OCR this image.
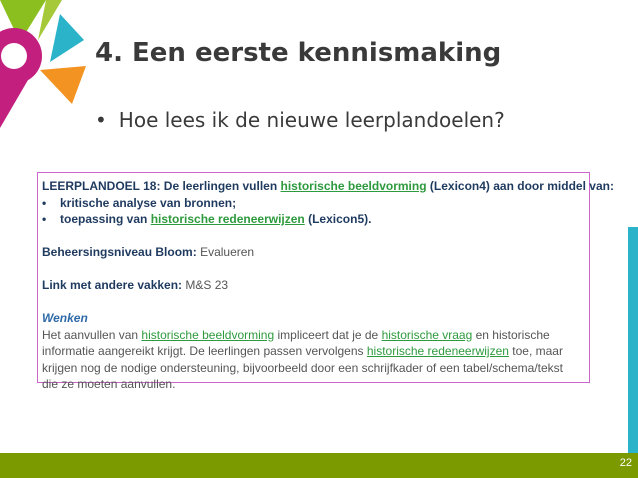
4. Een eerste kennismaking
• Hoe lees ik de nieuwe leerplandoelen?
LEERPLANDOEL 18: De leerlingen vullen historische beeldvorming (Lexicon4) aan door middel van:
• kritische analyse van bronnen;
• toepassing van historische redeneerwijzen (Lexicon5).
Beheersingsniveau Bloom: Evalueren
Link met andere vakken: M&S 23
Wenken
Het aanvullen van historische beeldvorming impliceert dat je de historische vraag en historische
informatie aangereikt krijgt. De leerlingen passen vervolgens historische redeneerwijzen toe, maar
krijgen nog de nodige ondersteuning, bijvoorbeeld door een schrijfkader of een tabel/schema/tekst
die ze moeten aanvullen.
22
